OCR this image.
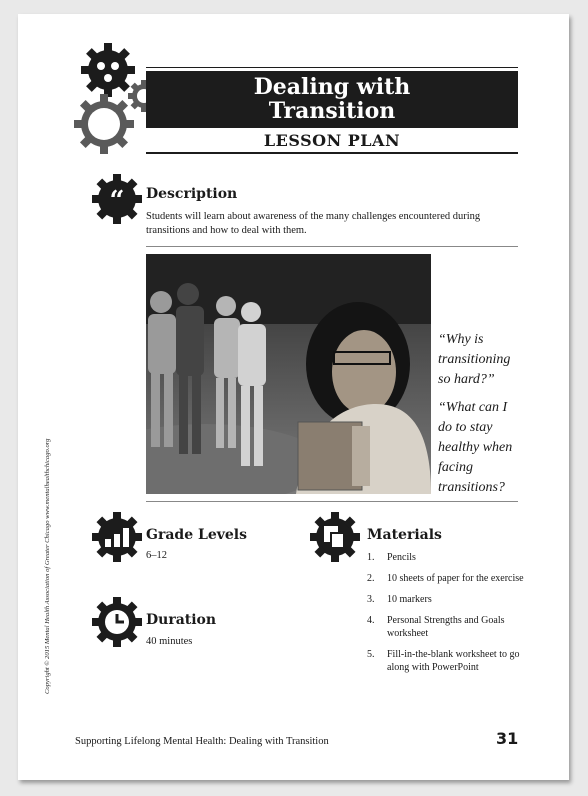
Dealing with
Transition
LESSON PLAN
“ Description
Students will learn about awareness of the many challenges encountered during transitions and how to deal with them.

“Why is transitioning so hard?”

“What can I do to stay healthy when facing transitions?

Grade Levels
6–12
Duration
40 minutes
Materials
1.	Pencils
2.	10 sheets of paper for the exercise
3.	10 markers
4.	Personal Strengths and Goals worksheet
5.	Fill-in-the-blank worksheet to go along with PowerPoint
Copyright © 2015 Mental Health Association of Greater Chicago www.mentalhealthchicago.org
Supporting Lifelong Mental Health: Dealing with Transition	31
